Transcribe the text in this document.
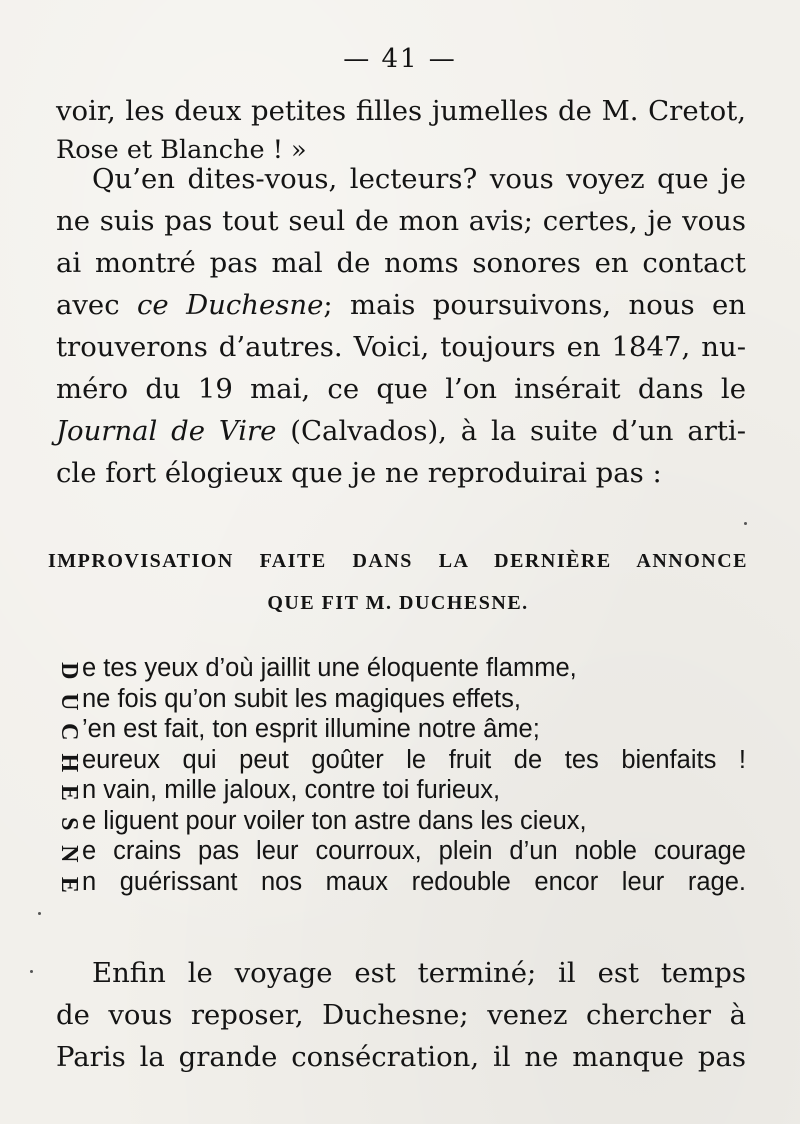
— 41 —
voir, les deux petites filles jumelles de M. Cretot,
Rose et Blanche ! »
Qu’en dites-vous, lecteurs? vous voyez que je
ne suis pas tout seul de mon avis; certes, je vous
ai montré pas mal de noms sonores en contact
avec ce Duchesne; mais poursuivons, nous en
trouverons d’autres. Voici, toujours en 1847, nu-
méro du 19 mai, ce que l’on insérait dans le
Journal de Vire (Calvados), à la suite d’un arti-
cle fort élogieux que je ne reproduirai pas :
IMPROVISATION FAITE DANS LA DERNIÈRE ANNONCE
QUE FIT M. DUCHESNE.
D e tes yeux d’où jaillit une éloquente flamme,
U ne fois qu’on subit les magiques effets,
C ’en est fait, ton esprit illumine notre âme;
H eureux qui peut goûter le fruit de tes bienfaits !
E n vain, mille jaloux, contre toi furieux,
S e liguent pour voiler ton astre dans les cieux,
N e crains pas leur courroux, plein d’un noble courage
E n guérissant nos maux redouble encor leur rage.
Enfin le voyage est terminé; il est temps
de vous reposer, Duchesne; venez chercher à
Paris la grande consécration, il ne manque pas
